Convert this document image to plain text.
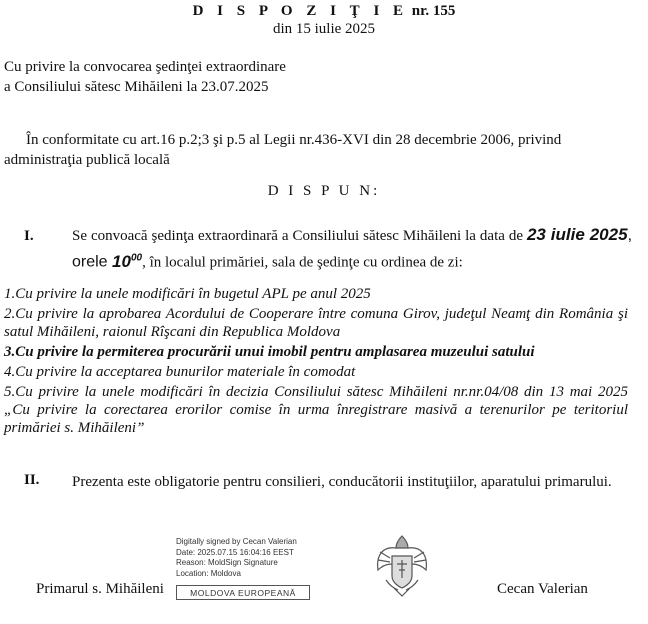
D I S P O Z I Ţ I E nr. 155
din 15 iulie 2025
Cu privire la convocarea şedinţei extraordinare
a Consiliului sătesc Mihăileni la 23.07.2025
În conformitate cu art.16 p.2;3 şi p.5 al Legii nr.436-XVI din 28 decembrie 2006, privind
administraţia publică locală
D I S P U N:
I.	Se convoacă şedinţa extraordinară a Consiliului sătesc Mihăileni la data de 23 iulie 2025, orele $10^{00}$, în localul primăriei, sala de şedinţe cu ordinea de zi:
1.Cu privire la unele modificări în bugetul APL pe anul 2025
2.Cu privire la aprobarea Acordului de Cooperare între comuna Girov, judeţul Neamţ din România şi satul Mihăileni, raionul Rîşcani din Republica Moldova
3.Cu privire la permiterea procurării unui imobil pentru amplasarea muzeului satului
4.Cu privire la acceptarea bunurilor materiale în comodat
5.Cu privire la unele modificări în decizia Consiliului sătesc Mihăileni nr.nr.04/08 din 13 mai 2025 „Cu privire la corectarea erorilor comise în urma înregistrare masivă a terenurilor pe teritoriul primăriei s. Mihăileni”
II. Prezenta este obligatorie pentru consilieri, conducătorii instituţiilor, aparatului primarului.
Digitally signed by Cecan Valerian
Date: 2025.07.15 16:04:16 EEST
Reason: MoldSign Signature
Location: Moldova
MOLDOVA EUROPEANĂ
Primarul s. Mihăileni	Cecan Valerian
